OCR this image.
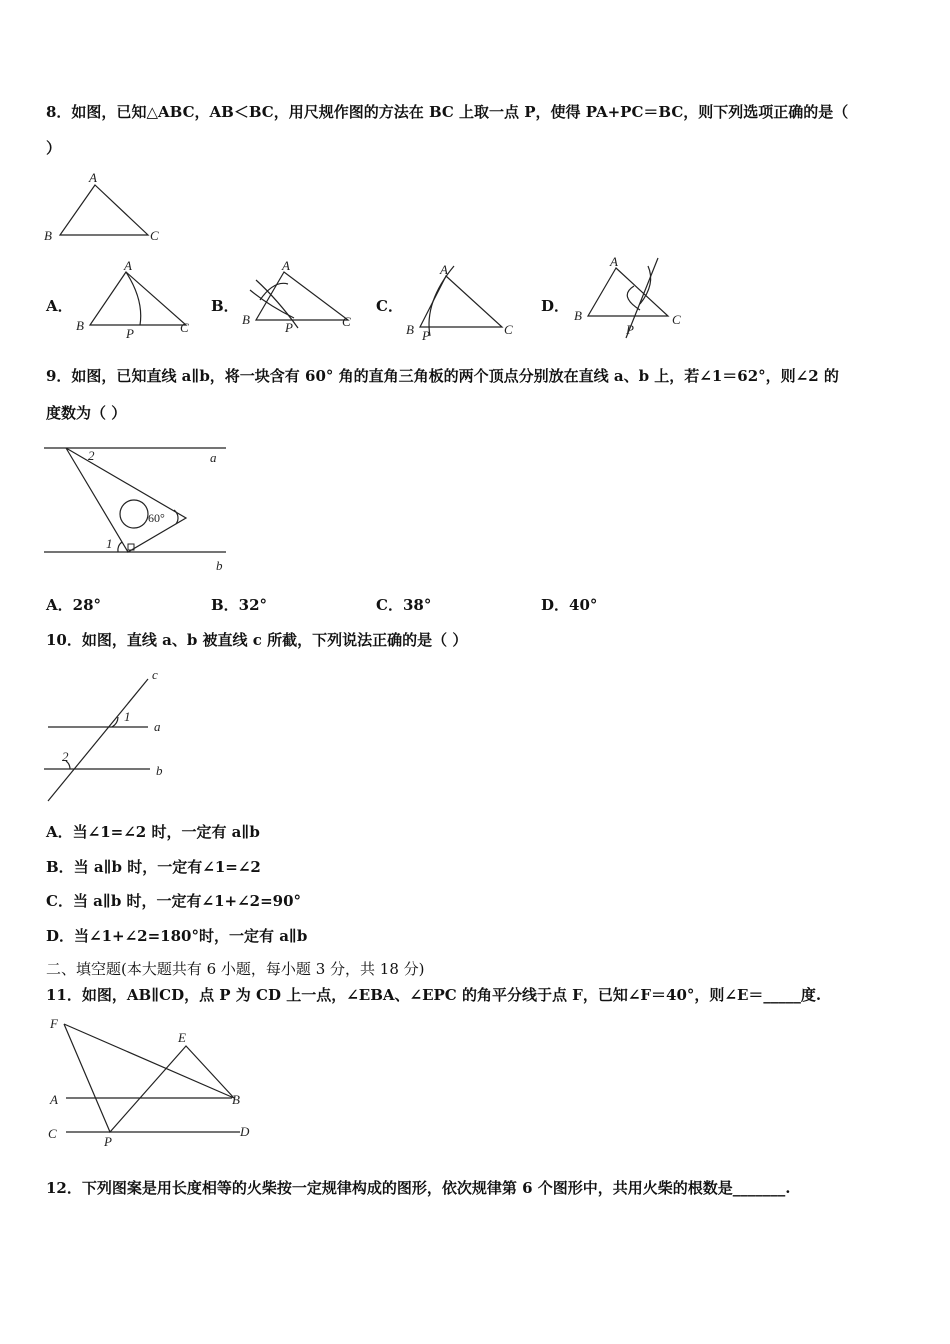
8．如图，已知△ABC，AB＜BC，用尺规作图的方法在 BC 上取一点 P，使得 PA+PC＝BC，则下列选项正确的是（
）
A
B	C
A．
A
B	C
P
B．
A
B	C
P
C．
A
B	C
P
D．
A
B	C
P
9．如图，已知直线 a∥b，将一块含有 60° 角的直角三角板的两个顶点分别放在直线 a、b 上，若∠1＝62°，则∠2 的
度数为（ ）
a
b
1
2
60°
A．28°	B．32°	C．38°	D．40°
10．如图，直线 a、b 被直线 c 所截，下列说法正确的是（ ）
c
a
b
1
2
A．当∠1=∠2 时，一定有 a∥b
B．当 a∥b 时，一定有∠1=∠2
C．当 a∥b 时，一定有∠1+∠2=90°
D．当∠1+∠2=180°时，一定有 a∥b
二、填空题(本大题共有 6 小题，每小题 3 分，共 18 分)
11．如图，AB∥CD，点 P 为 CD 上一点，∠EBA、∠EPC 的角平分线于点 F，已知∠F＝40°，则∠E＝_____度.
F
E
A	B
C
P
D
12．下列图案是用长度相等的火柴按一定规律构成的图形，依次规律第 6 个图形中，共用火柴的根数是_______.
